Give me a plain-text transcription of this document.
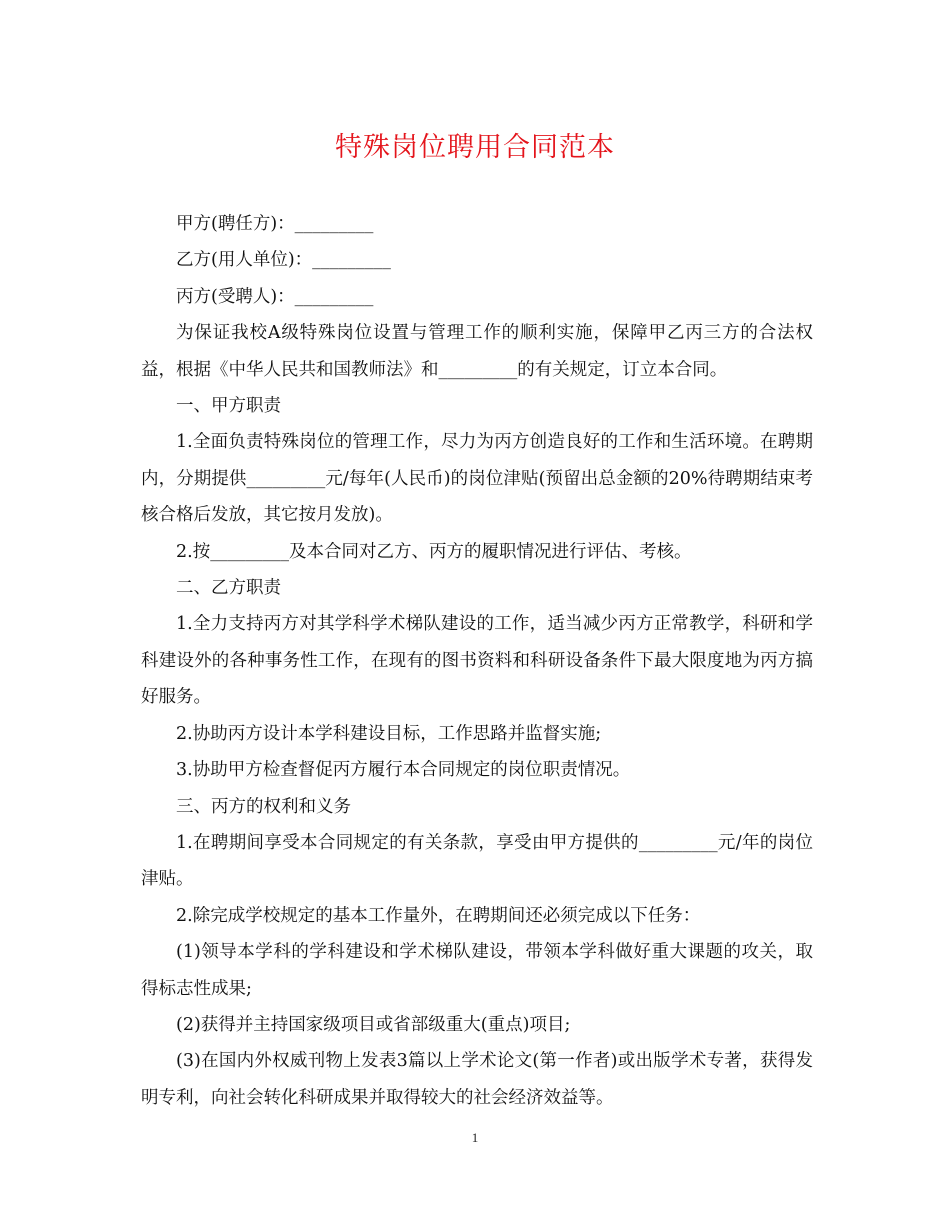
特殊岗位聘用合同范本

甲方(聘任方)：_________

乙方(用人单位)：_________

丙方(受聘人)：_________

为保证我校A级特殊岗位设置与管理工作的顺利实施，保障甲乙丙三方的合法权益，根据《中华人民共和国教师法》和_________的有关规定，订立本合同。

一、甲方职责

1.全面负责特殊岗位的管理工作，尽力为丙方创造良好的工作和生活环境。在聘期内，分期提供_________元/每年(人民币)的岗位津贴(预留出总金额的20%待聘期结束考核合格后发放，其它按月发放)。

2.按_________及本合同对乙方、丙方的履职情况进行评估、考核。

二、乙方职责

1.全力支持丙方对其学科学术梯队建设的工作，适当减少丙方正常教学，科研和学科建设外的各种事务性工作，在现有的图书资料和科研设备条件下最大限度地为丙方搞好服务。

2.协助丙方设计本学科建设目标，工作思路并监督实施;

3.协助甲方检查督促丙方履行本合同规定的岗位职责情况。

三、丙方的权利和义务

1.在聘期间享受本合同规定的有关条款，享受由甲方提供的_________元/年的岗位津贴。

2.除完成学校规定的基本工作量外，在聘期间还必须完成以下任务：

(1)领导本学科的学科建设和学术梯队建设，带领本学科做好重大课题的攻关，取得标志性成果;

(2)获得并主持国家级项目或省部级重大(重点)项目;

(3)在国内外权威刊物上发表3篇以上学术论文(第一作者)或出版学术专著，获得发明专利，向社会转化科研成果并取得较大的社会经济效益等。

1
